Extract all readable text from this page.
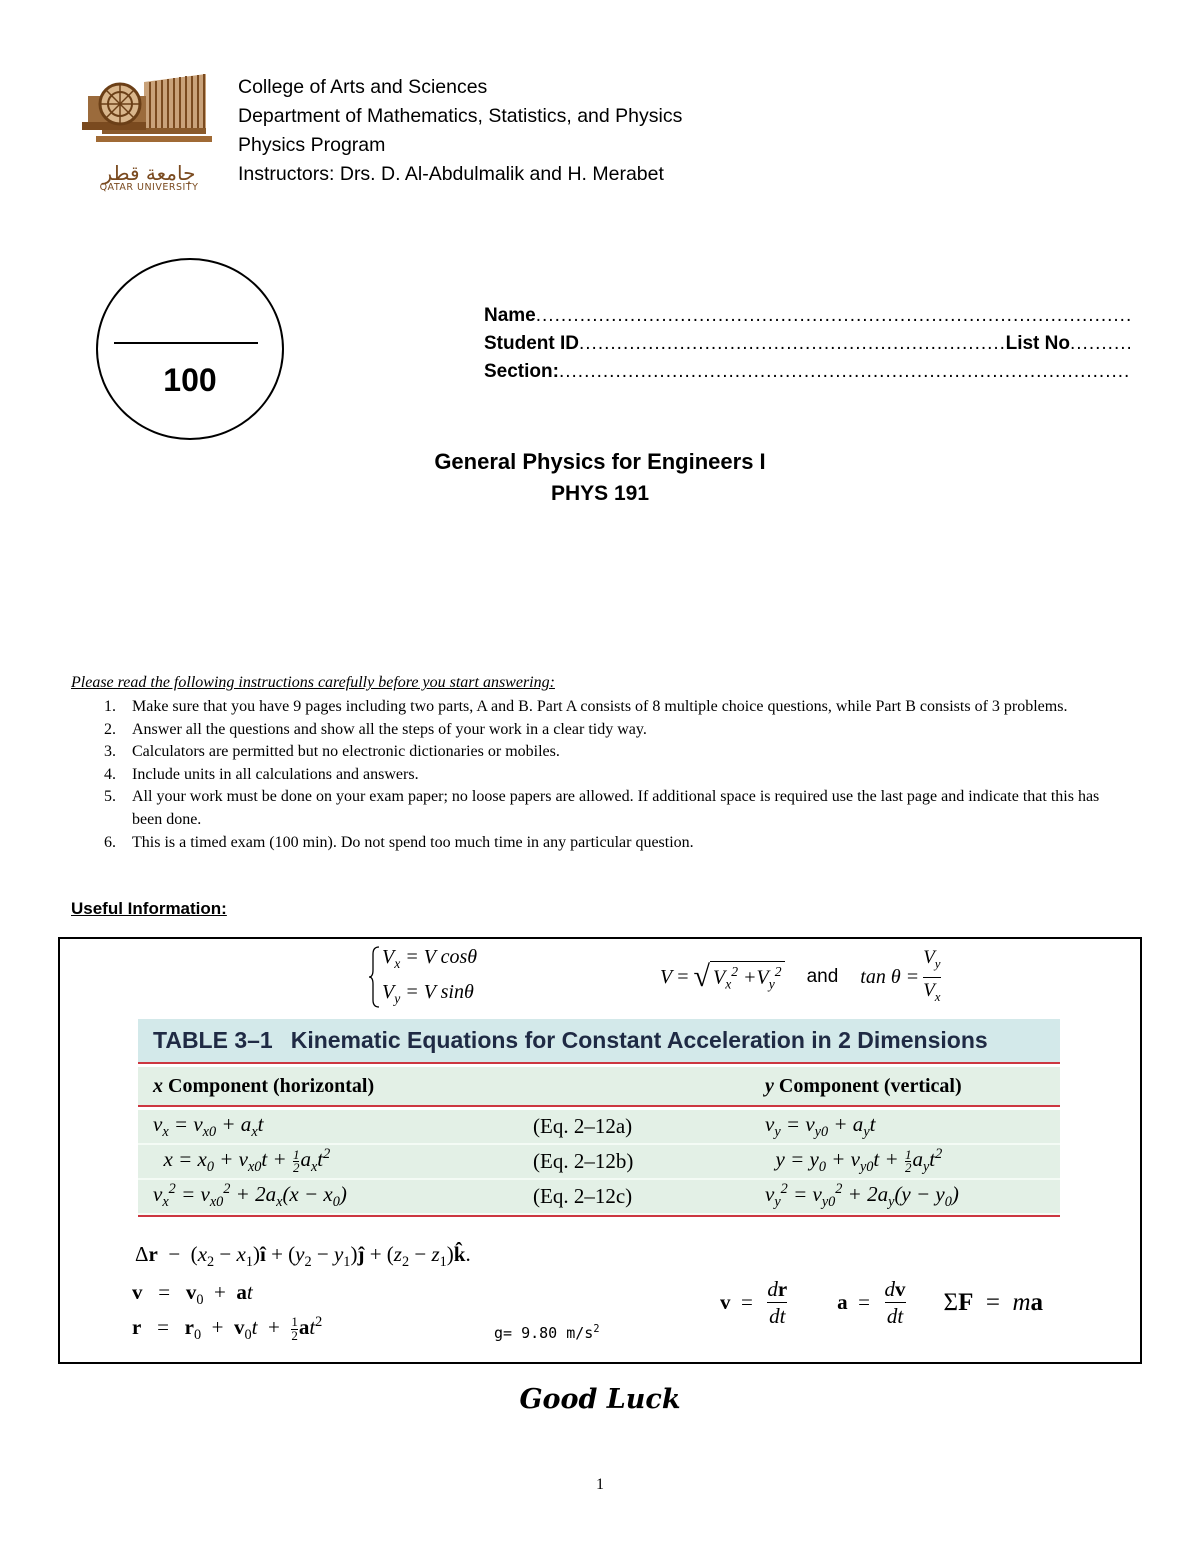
جامعة قطر
QATAR UNIVERSITY
College of Arts and Sciences
Department of Mathematics, Statistics, and Physics
Physics Program
Instructors: Drs. D. Al-Abdulmalik and H. Merabet
100
Name
.....
Student ID
.....	List No
.....
Section:
.....
General Physics for Engineers I
PHYS 191
Please read the following instructions carefully before you start answering:
1.	Make sure that you have 9 pages including two parts, A and B. Part A consists of 8 multiple choice questions, while Part B consists of 3 problems.
2.	Answer all the questions and show all the steps of your work in a clear tidy way.
3.	Calculators are permitted but no electronic dictionaries or mobiles.
4.	Include units in all calculations and answers.
5.	All your work must be done on your exam paper; no loose papers are allowed. If additional space is required use the last page and indicate that this has been done.
6.	This is a timed exam (100 min). Do not spend too much time in any particular question.
Useful Information:
$V_x = V$ cosθ
$V_y = V$ sinθ
V = √ $V_x^2 +V_y^2$ and $\tan \theta = \frac{V_y}{V_x}$
TABLE 3–1 Kinematic Equations for Constant Acceleration in 2 Dimensions
x Component (horizontal)	y Component (vertical)
$v_x = v_{x0} + a_xt$	(Eq. 2–12a)	$v_y = v_{y0} + a_yt$
$x = x_0 + v_{x0}t + \frac{1}{2} a_xt^2$	(Eq. 2–12b)	$y = y_0 + v_{y0}t + \frac{1}{2} a_yt^2$
$v_x^2 = v_{x0}^2 + 2a_x(x - x_0)$	(Eq. 2–12c)	$v_y^2 = v_{y0}^2 + 2a_y(y - y_0)$
$\Delta r - (x_2$ − $x_1)î + (y_2$ − $y_1)ĵ + (z_2$ − $z_1)k̂$.
$v = v_0$  +  at
$r = r_0 + v_0t + \frac{1}{2} at^2$
g= 9.80 $m/s^2$
$v = \frac{dr}{dt}$ $a = \frac{dv}{dt}$ ΣF  =  ma
Good Luck
1
